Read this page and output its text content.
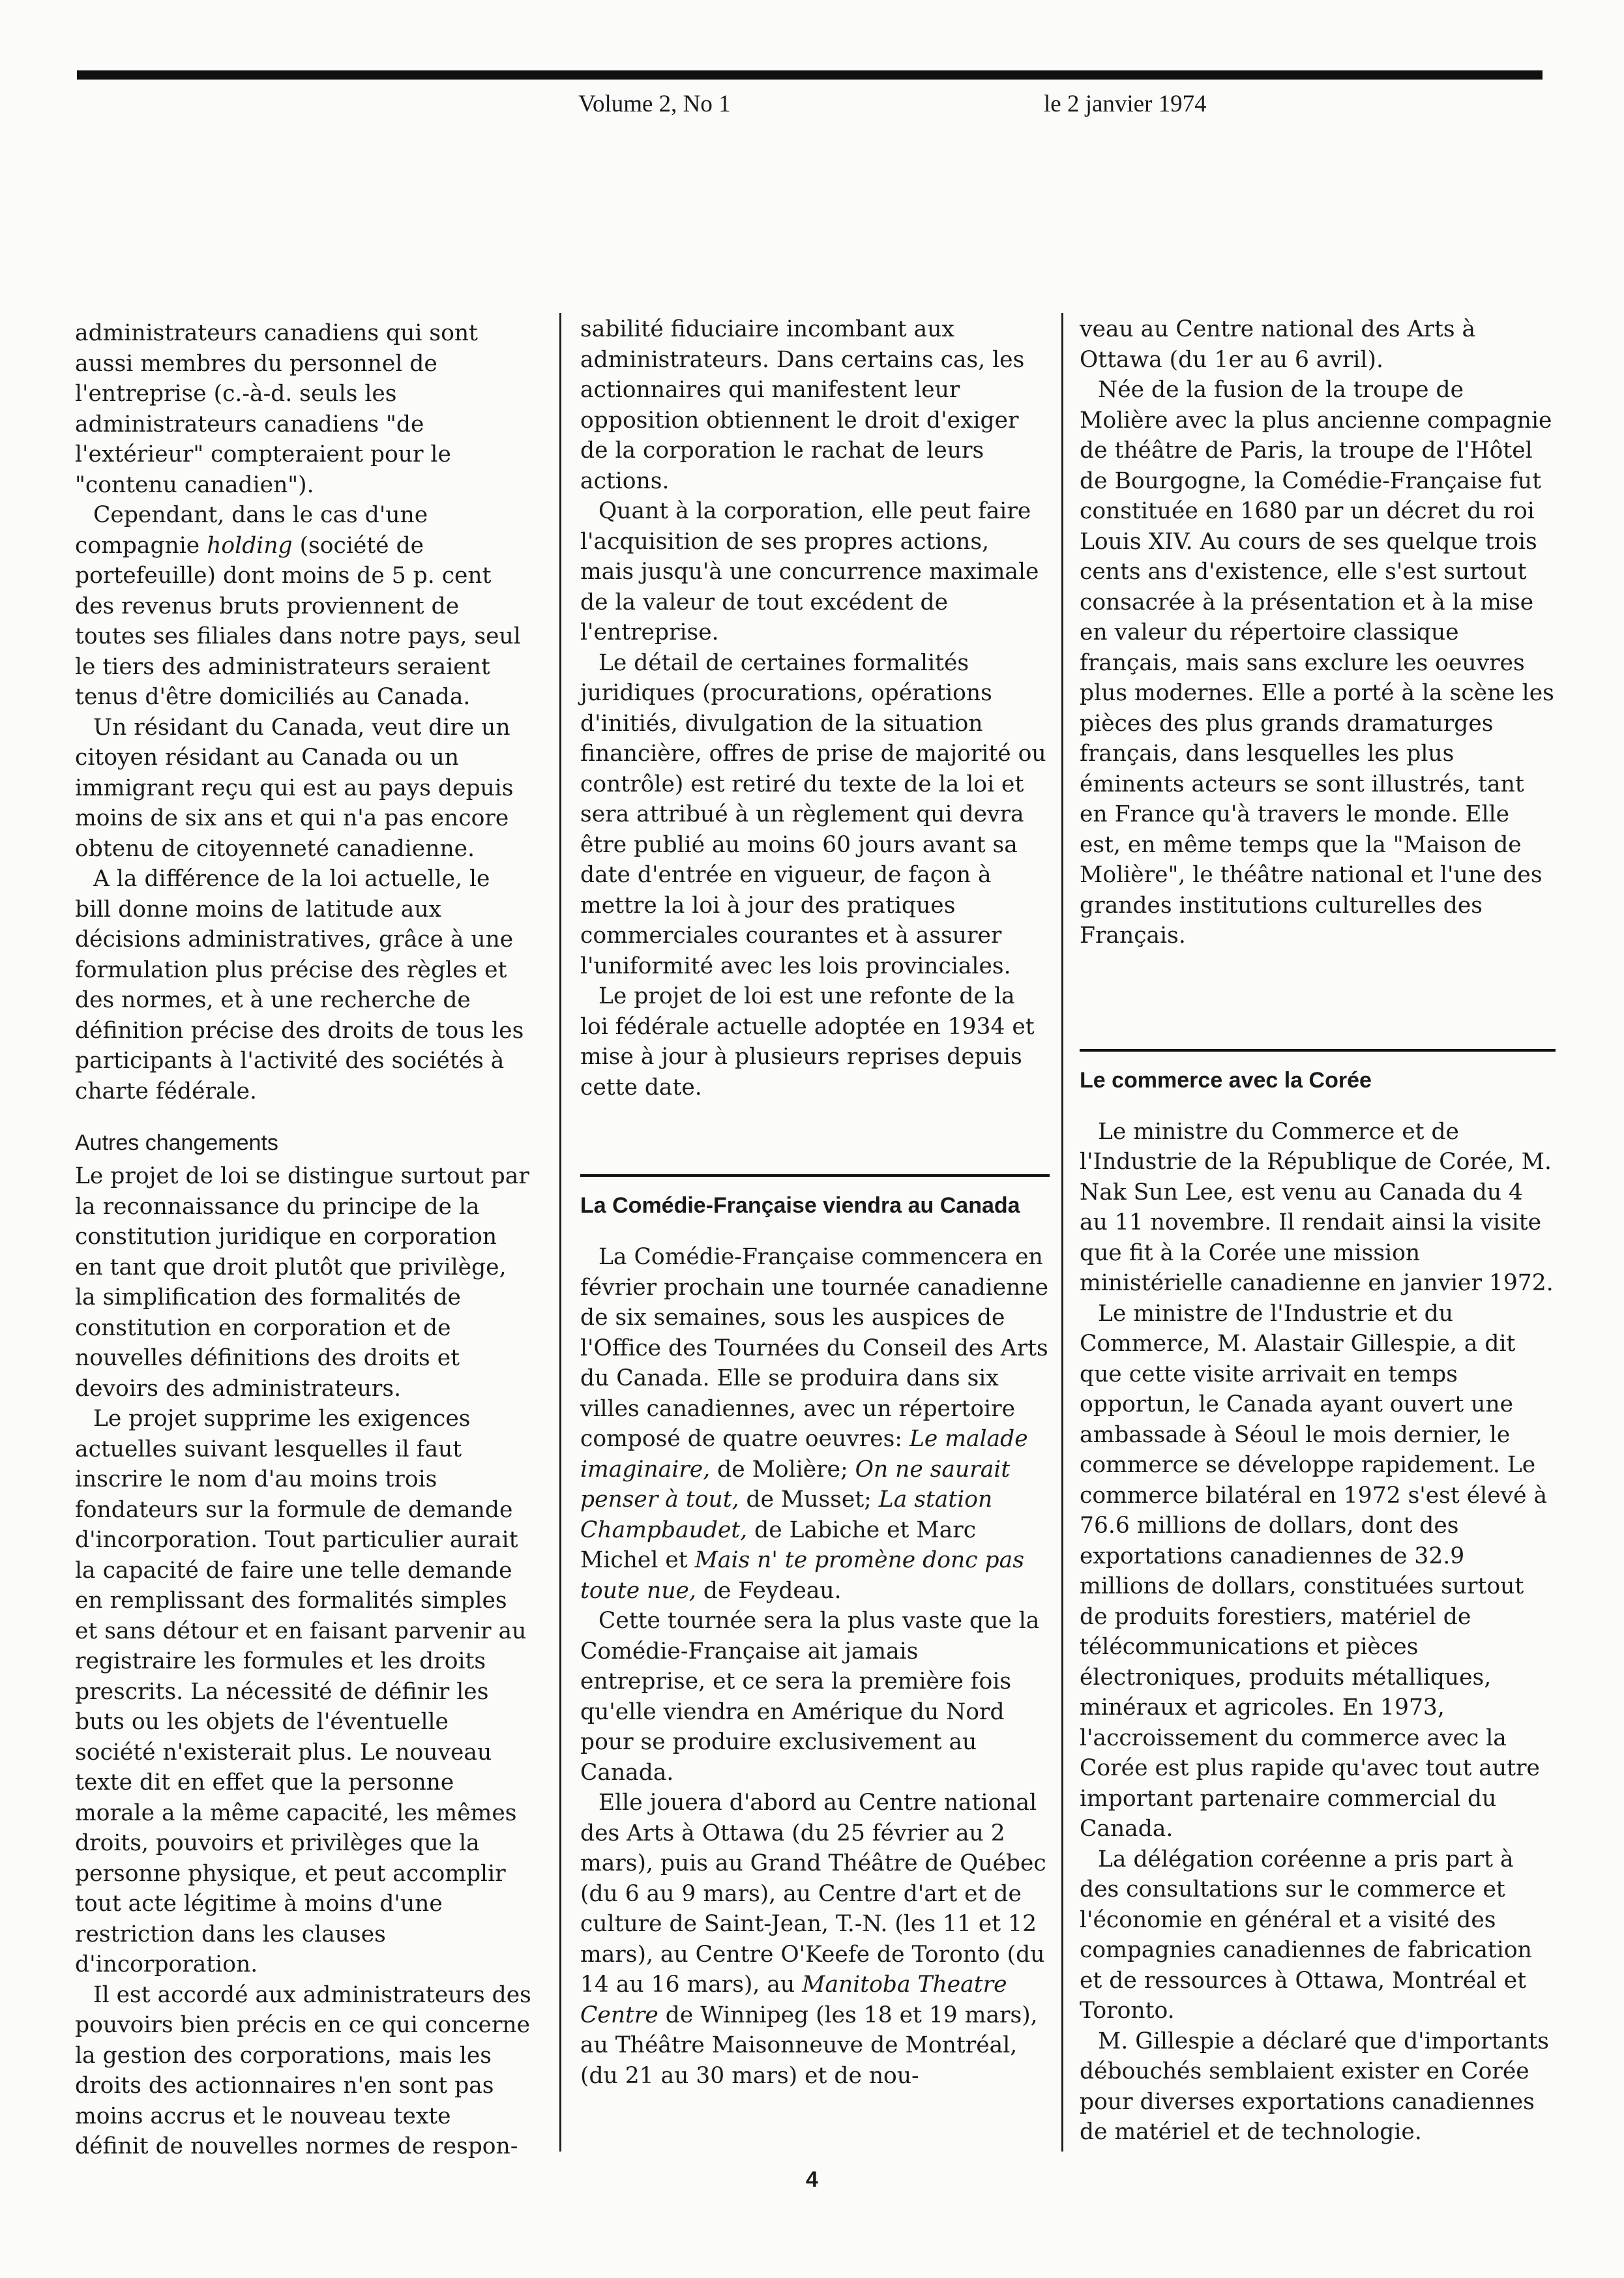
Volume 2, No 1	le 2 janvier 1974

administrateurs canadiens qui sont aussi membres du personnel de l'entreprise (c.-à-d. seuls les administrateurs canadiens "de l'extérieur" compteraient pour le "contenu canadien").

Cependant, dans le cas d'une compagnie holding (société de portefeuille) dont moins de 5 p. cent des revenus bruts proviennent de toutes ses filiales dans notre pays, seul le tiers des administrateurs seraient tenus d'être domiciliés au Canada.

Un résidant du Canada, veut dire un citoyen résidant au Canada ou un immigrant reçu qui est au pays depuis moins de six ans et qui n'a pas encore obtenu de citoyenneté canadienne.

A la différence de la loi actuelle, le bill donne moins de latitude aux décisions administratives, grâce à une formulation plus précise des règles et des normes, et à une recherche de définition précise des droits de tous les participants à l'activité des sociétés à charte fédérale.

Autres changements

Le projet de loi se distingue surtout par la reconnaissance du principe de la constitution juridique en corporation en tant que droit plutôt que privilège, la simplification des formalités de constitution en corporation et de nouvelles définitions des droits et devoirs des administrateurs.

Le projet supprime les exigences actuelles suivant lesquelles il faut inscrire le nom d'au moins trois fondateurs sur la formule de demande d'incorporation. Tout particulier aurait la capacité de faire une telle demande en remplissant des formalités simples et sans détour et en faisant parvenir au registraire les formules et les droits prescrits. La nécessité de définir les buts ou les objets de l'éventuelle société n'existerait plus. Le nouveau texte dit en effet que la personne morale a la même capacité, les mêmes droits, pouvoirs et privilèges que la personne physique, et peut accomplir tout acte légitime à moins d'une restriction dans les clauses d'incorporation.

Il est accordé aux administrateurs des pouvoirs bien précis en ce qui concerne la gestion des corporations, mais les droits des actionnaires n'en sont pas moins accrus et le nouveau texte définit de nouvelles normes de respon-

sabilité fiduciaire incombant aux administrateurs. Dans certains cas, les actionnaires qui manifestent leur opposition obtiennent le droit d'exiger de la corporation le rachat de leurs actions.

Quant à la corporation, elle peut faire l'acquisition de ses propres actions, mais jusqu'à une concurrence maximale de la valeur de tout excédent de l'entreprise.

Le détail de certaines formalités juridiques (procurations, opérations d'initiés, divulgation de la situation financière, offres de prise de majorité ou contrôle) est retiré du texte de la loi et sera attribué à un règlement qui devra être publié au moins 60 jours avant sa date d'entrée en vigueur, de façon à mettre la loi à jour des pratiques commerciales courantes et à assurer l'uniformité avec les lois provinciales.

Le projet de loi est une refonte de la loi fédérale actuelle adoptée en 1934 et mise à jour à plusieurs reprises depuis cette date.

La Comédie-Française viendra au Canada

La Comédie-Française commencera en février prochain une tournée canadienne de six semaines, sous les auspices de l'Office des Tournées du Conseil des Arts du Canada. Elle se produira dans six villes canadiennes, avec un répertoire composé de quatre oeuvres: Le malade imaginaire, de Molière; On ne saurait penser à tout, de Musset; La station Champbaudet, de Labiche et Marc Michel et Mais n' te promène donc pas toute nue, de Feydeau.

Cette tournée sera la plus vaste que la Comédie-Française ait jamais entreprise, et ce sera la première fois qu'elle viendra en Amérique du Nord pour se produire exclusivement au Canada.

Elle jouera d'abord au Centre national des Arts à Ottawa (du 25 février au 2 mars), puis au Grand Théâtre de Québec (du 6 au 9 mars), au Centre d'art et de culture de Saint-Jean, T.-N. (les 11 et 12 mars), au Centre O'Keefe de Toronto (du 14 au 16 mars), au Manitoba Theatre Centre de Winnipeg (les 18 et 19 mars), au Théâtre Maisonneuve de Montréal, (du 21 au 30 mars) et de nou-

veau au Centre national des Arts à Ottawa (du 1er au 6 avril).

Née de la fusion de la troupe de Molière avec la plus ancienne compagnie de théâtre de Paris, la troupe de l'Hôtel de Bourgogne, la Comédie-Française fut constituée en 1680 par un décret du roi Louis XIV. Au cours de ses quelque trois cents ans d'existence, elle s'est surtout consacrée à la présentation et à la mise en valeur du répertoire classique français, mais sans exclure les oeuvres plus modernes. Elle a porté à la scène les pièces des plus grands dramaturges français, dans lesquelles les plus éminents acteurs se sont illustrés, tant en France qu'à travers le monde. Elle est, en même temps que la "Maison de Molière", le théâtre national et l'une des grandes institutions culturelles des Français.

Le commerce avec la Corée

Le ministre du Commerce et de l'Industrie de la République de Corée, M. Nak Sun Lee, est venu au Canada du 4 au 11 novembre. Il rendait ainsi la visite que fit à la Corée une mission ministérielle canadienne en janvier 1972.

Le ministre de l'Industrie et du Commerce, M. Alastair Gillespie, a dit que cette visite arrivait en temps opportun, le Canada ayant ouvert une ambassade à Séoul le mois dernier, le commerce se développe rapidement. Le commerce bilatéral en 1972 s'est élevé à 76.6 millions de dollars, dont des exportations canadiennes de 32.9 millions de dollars, constituées surtout de produits forestiers, matériel de télécommunications et pièces électroniques, produits métalliques, minéraux et agricoles. En 1973, l'accroissement du commerce avec la Corée est plus rapide qu'avec tout autre important partenaire commercial du Canada.

La délégation coréenne a pris part à des consultations sur le commerce et l'économie en général et a visité des compagnies canadiennes de fabrication et de ressources à Ottawa, Montréal et Toronto.

M. Gillespie a déclaré que d'importants débouchés semblaient exister en Corée pour diverses exportations canadiennes de matériel et de technologie.

4
